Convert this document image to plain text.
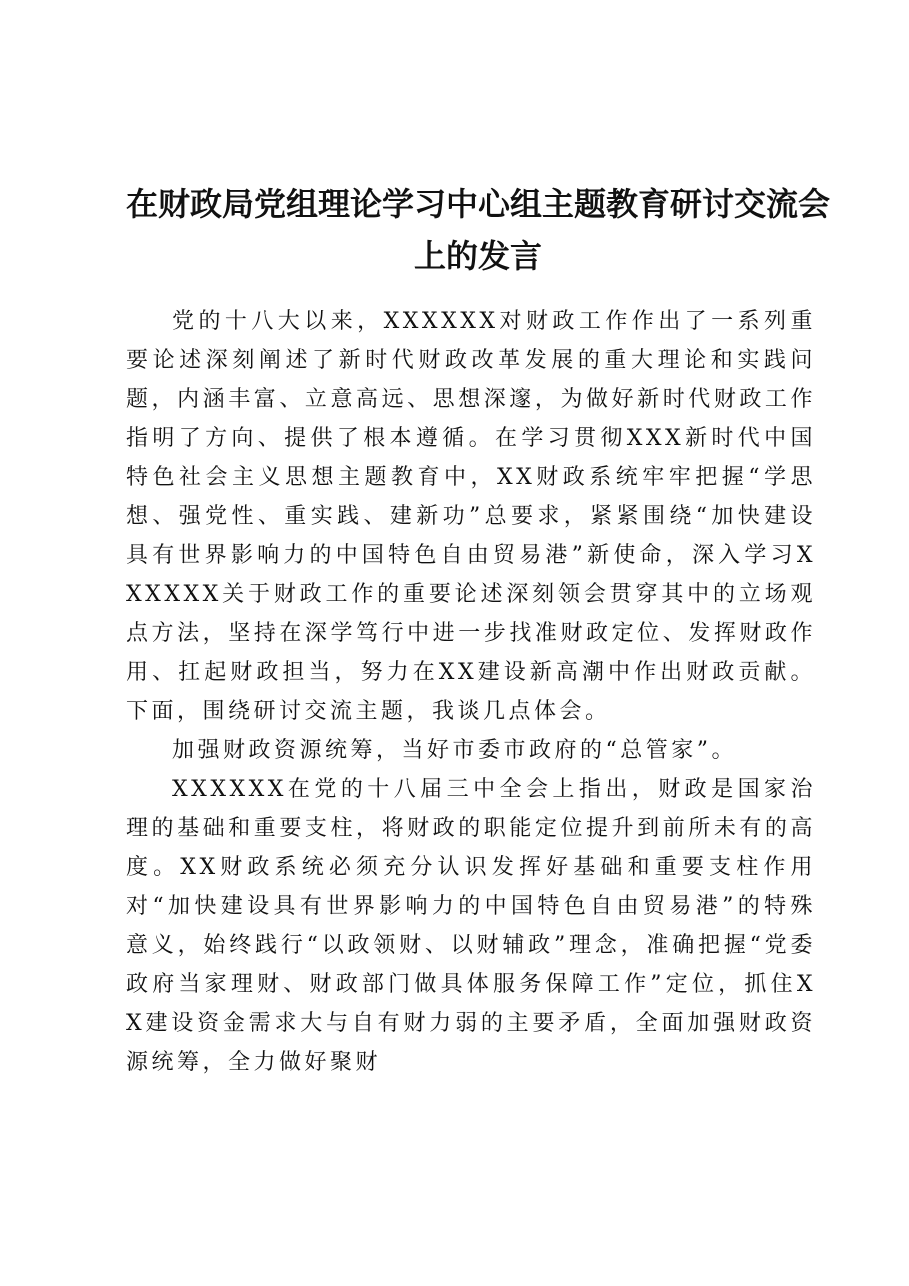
在财政局党组理论学习中心组主题教育研讨交流会上的发言

党的十八大以来，XXXXXX对财政工作作出了一系列重要论述深刻阐述了新时代财政改革发展的重大理论和实践问题，内涵丰富、立意高远、思想深邃，为做好新时代财政工作指明了方向、提供了根本遵循。在学习贯彻XXX新时代中国特色社会主义思想主题教育中，XX财政系统牢牢把握“学思想、强党性、重实践、建新功”总要求，紧紧围绕“加快建设具有世界影响力的中国特色自由贸易港”新使命，深入学习XXXXXX关于财政工作的重要论述深刻领会贯穿其中的立场观点方法，坚持在深学笃行中进一步找准财政定位、发挥财政作用、扛起财政担当，努力在XX建设新高潮中作出财政贡献。下面，围绕研讨交流主题，我谈几点体会。

加强财政资源统筹，当好市委市政府的“总管家”。

XXXXXX在党的十八届三中全会上指出，财政是国家治理的基础和重要支柱，将财政的职能定位提升到前所未有的高度。XX财政系统必须充分认识发挥好基础和重要支柱作用对“加快建设具有世界影响力的中国特色自由贸易港”的特殊意义，始终践行“以政领财、以财辅政”理念，准确把握“党委政府当家理财、财政部门做具体服务保障工作”定位，抓住XX建设资金需求大与自有财力弱的主要矛盾，全面加强财政资源统筹，全力做好聚财
